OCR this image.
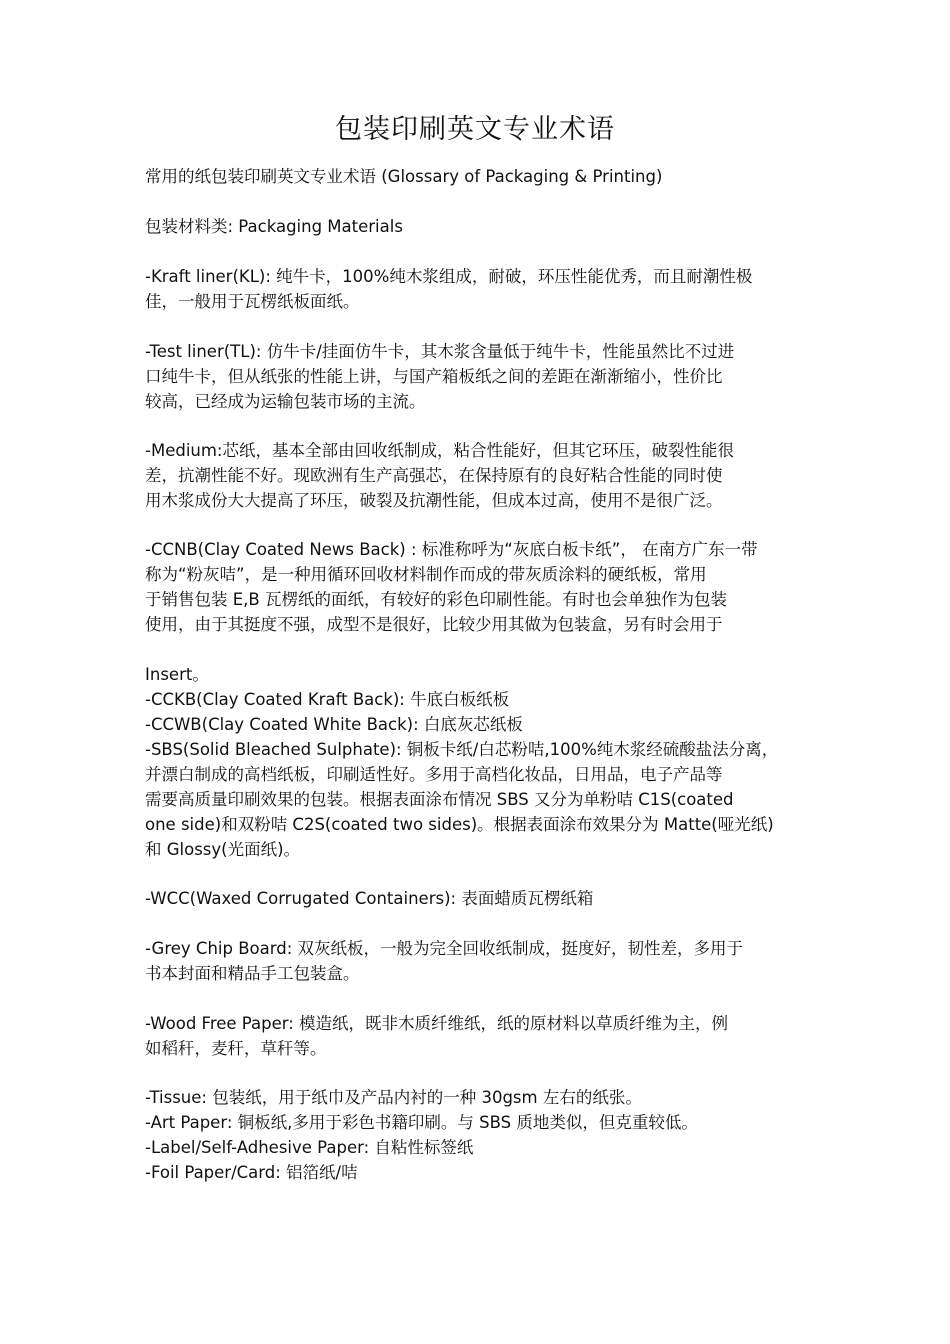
包装印刷英文专业术语
常用的纸包装印刷英文专业术语 (Glossary of Packaging & Printing)
包装材料类: Packaging Materials
-Kraft liner(KL): 纯牛卡，100%纯木浆组成，耐破，环压性能优秀，而且耐潮性极
佳，一般用于瓦楞纸板面纸。
-Test liner(TL): 仿牛卡/挂面仿牛卡，其木浆含量低于纯牛卡，性能虽然比不过进
口纯牛卡，但从纸张的性能上讲，与国产箱板纸之间的差距在渐渐缩小，性价比
较高，已经成为运输包装市场的主流。
-Medium:芯纸，基本全部由回收纸制成，粘合性能好，但其它环压，破裂性能很
差，抗潮性能不好。现欧洲有生产高强芯，在保持原有的良好粘合性能的同时使
用木浆成份大大提高了环压，破裂及抗潮性能，但成本过高，使用不是很广泛。
-CCNB(Clay Coated News Back) : 标准称呼为“灰底白板卡纸”， 在南方广东一带
称为“粉灰咭”，是一种用循环回收材料制作而成的带灰质涂料的硬纸板，常用
于销售包装 E,B 瓦楞纸的面纸，有较好的彩色印刷性能。有时也会单独作为包装
使用，由于其挺度不强，成型不是很好，比较少用其做为包装盒，另有时会用于
Insert。
-CCKB(Clay Coated Kraft Back): 牛底白板纸板
-CCWB(Clay Coated White Back): 白底灰芯纸板
-SBS(Solid Bleached Sulphate): 铜板卡纸/白芯粉咭,100%纯木浆经硫酸盐法分离，
并漂白制成的高档纸板，印刷适性好。多用于高档化妆品，日用品，电子产品等
需要高质量印刷效果的包装。根据表面涂布情况 SBS 又分为单粉咭 C1S(coated
one side)和双粉咭 C2S(coated two sides)。根据表面涂布效果分为 Matte(哑光纸)
和 Glossy(光面纸)。
-WCC(Waxed Corrugated Containers): 表面蜡质瓦楞纸箱
-Grey Chip Board: 双灰纸板，一般为完全回收纸制成，挺度好，韧性差，多用于
书本封面和精品手工包装盒。
-Wood Free Paper: 模造纸，既非木质纤维纸，纸的原材料以草质纤维为主，例
如稻秆，麦秆，草秆等。
-Tissue: 包装纸，用于纸巾及产品内衬的一种 30gsm 左右的纸张。
-Art Paper: 铜板纸,多用于彩色书籍印刷。与 SBS 质地类似，但克重较低。
-Label/Self-Adhesive Paper: 自粘性标签纸
-Foil Paper/Card: 铝箔纸/咭
